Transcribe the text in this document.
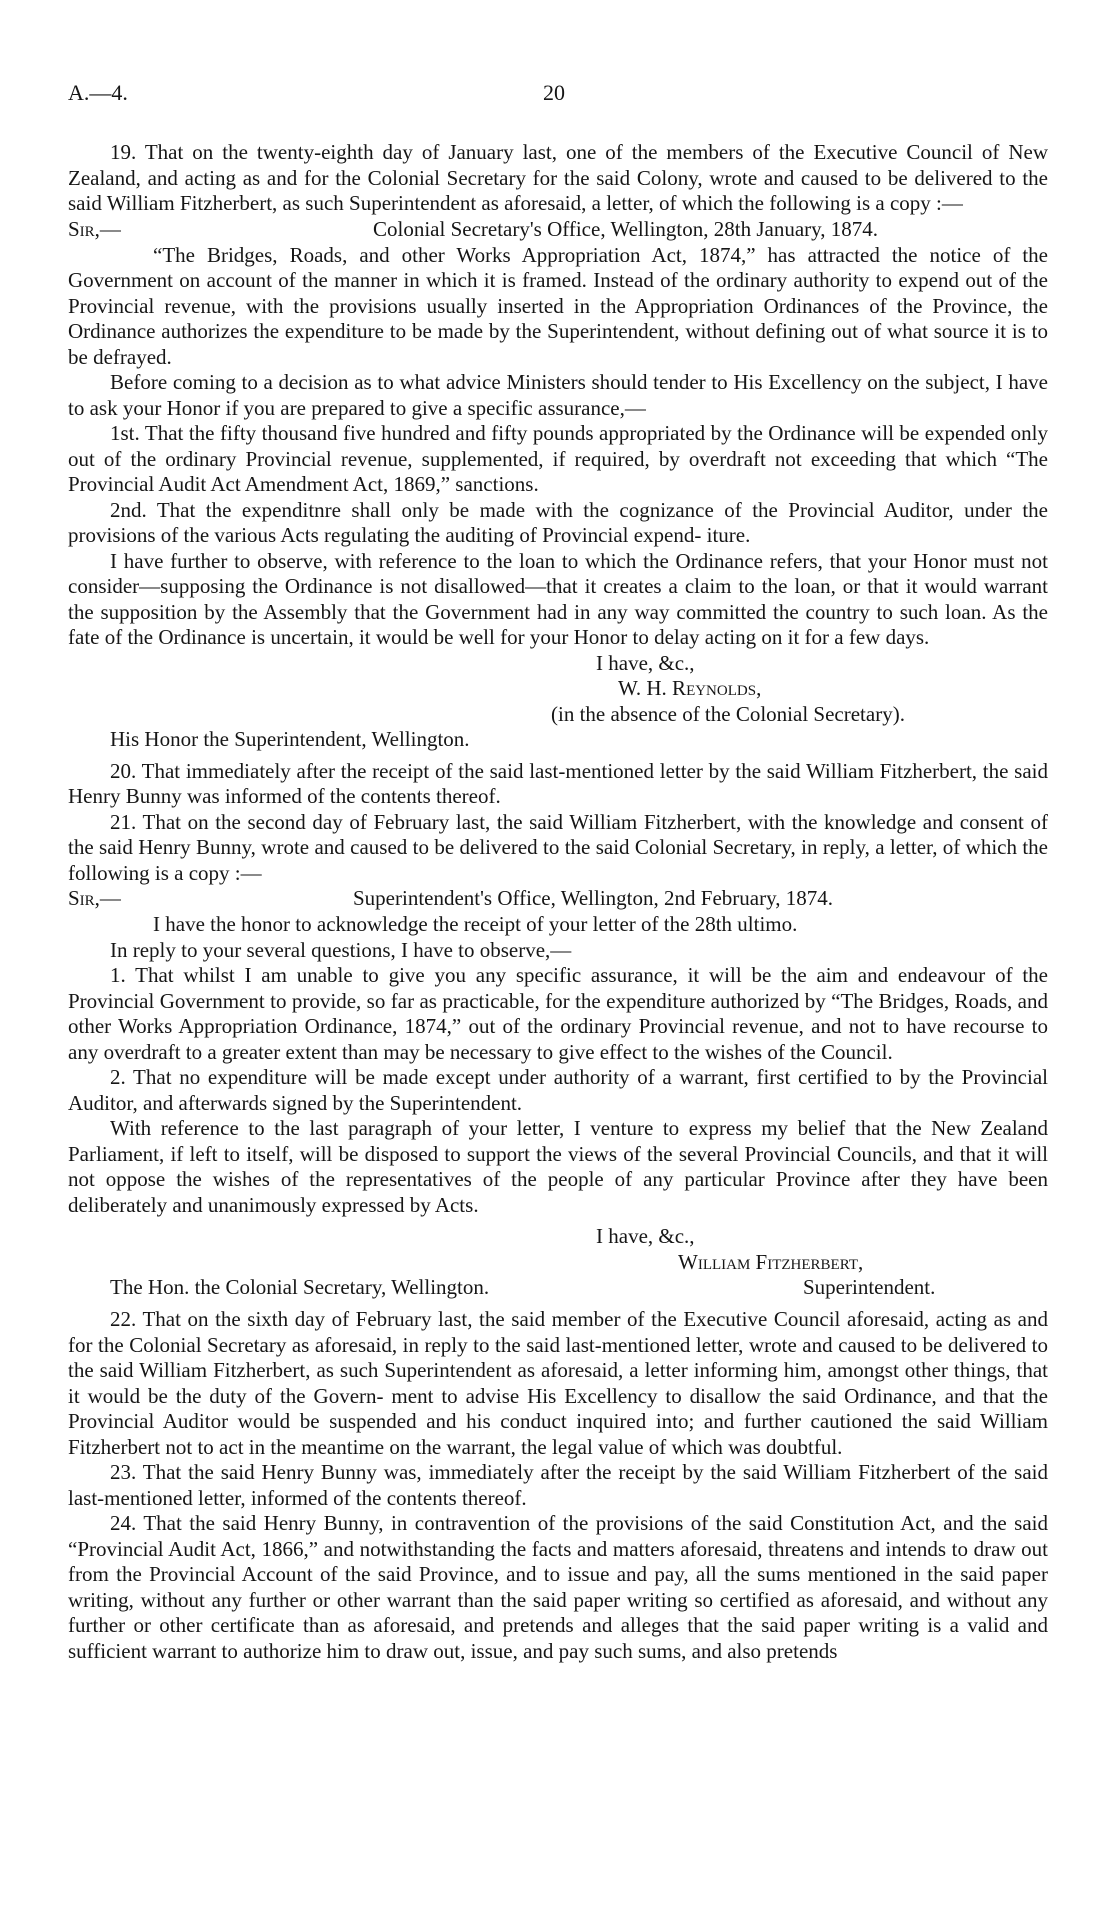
A.—4.	20

19. That on the twenty-eighth day of January last, one of the members of the Executive Council of New Zealand, and acting as and for the Colonial Secretary for the said Colony, wrote and caused to be delivered to the said William Fitzherbert, as such Superintendent as aforesaid, a letter, of which the following is a copy :—

Sir,—	Colonial Secretary's Office, Wellington, 28th January, 1874.

“The Bridges, Roads, and other Works Appropriation Act, 1874,” has attracted the notice of the Government on account of the manner in which it is framed. Instead of the ordinary authority to expend out of the Provincial revenue, with the provisions usually inserted in the Appropriation Ordinances of the Province, the Ordinance authorizes the expenditure to be made by the Superintendent, without defining out of what source it is to be defrayed.

Before coming to a decision as to what advice Ministers should tender to His Excellency on the subject, I have to ask your Honor if you are prepared to give a specific assurance,—

1st. That the fifty thousand five hundred and fifty pounds appropriated by the Ordinance will be expended only out of the ordinary Provincial revenue, supplemented, if required, by overdraft not exceeding that which “The Provincial Audit Act Amendment Act, 1869,” sanctions.

2nd. That the expenditnre shall only be made with the cognizance of the Provincial Auditor, under the provisions of the various Acts regulating the auditing of Provincial expend- iture.

I have further to observe, with reference to the loan to which the Ordinance refers, that your Honor must not consider—supposing the Ordinance is not disallowed—that it creates a claim to the loan, or that it would warrant the supposition by the Assembly that the Government had in any way committed the country to such loan. As the fate of the Ordinance is uncertain, it would be well for your Honor to delay acting on it for a few days.

I have, &c.,

W. H. Reynolds,

(in the absence of the Colonial Secretary).

His Honor the Superintendent, Wellington.

20. That immediately after the receipt of the said last-mentioned letter by the said William Fitzherbert, the said Henry Bunny was informed of the contents thereof.

21. That on the second day of February last, the said William Fitzherbert, with the knowledge and consent of the said Henry Bunny, wrote and caused to be delivered to the said Colonial Secretary, in reply, a letter, of which the following is a copy :—

Sir,—	Superintendent's Office, Wellington, 2nd February, 1874.

I have the honor to acknowledge the receipt of your letter of the 28th ultimo.

In reply to your several questions, I have to observe,—

1. That whilst I am unable to give you any specific assurance, it will be the aim and endeavour of the Provincial Government to provide, so far as practicable, for the expenditure authorized by “The Bridges, Roads, and other Works Appropriation Ordinance, 1874,” out of the ordinary Provincial revenue, and not to have recourse to any overdraft to a greater extent than may be necessary to give effect to the wishes of the Council.

2. That no expenditure will be made except under authority of a warrant, first certified to by the Provincial Auditor, and afterwards signed by the Superintendent.

With reference to the last paragraph of your letter, I venture to express my belief that the New Zealand Parliament, if left to itself, will be disposed to support the views of the several Provincial Councils, and that it will not oppose the wishes of the representatives of the people of any particular Province after they have been deliberately and unanimously expressed by Acts.

I have, &c.,

William Fitzherbert,

The Hon. the Colonial Secretary, Wellington.	Superintendent.

22. That on the sixth day of February last, the said member of the Executive Council aforesaid, acting as and for the Colonial Secretary as aforesaid, in reply to the said last-mentioned letter, wrote and caused to be delivered to the said William Fitzherbert, as such Superintendent as aforesaid, a letter informing him, amongst other things, that it would be the duty of the Govern- ment to advise His Excellency to disallow the said Ordinance, and that the Provincial Auditor would be suspended and his conduct inquired into; and further cautioned the said William Fitzherbert not to act in the meantime on the warrant, the legal value of which was doubtful.

23. That the said Henry Bunny was, immediately after the receipt by the said William Fitzherbert of the said last-mentioned letter, informed of the contents thereof.

24. That the said Henry Bunny, in contravention of the provisions of the said Constitution Act, and the said “Provincial Audit Act, 1866,” and notwithstanding the facts and matters aforesaid, threatens and intends to draw out from the Provincial Account of the said Province, and to issue and pay, all the sums mentioned in the said paper writing, without any further or other warrant than the said paper writing so certified as aforesaid, and without any further or other certificate than as aforesaid, and pretends and alleges that the said paper writing is a valid and sufficient warrant to authorize him to draw out, issue, and pay such sums, and also pretends
